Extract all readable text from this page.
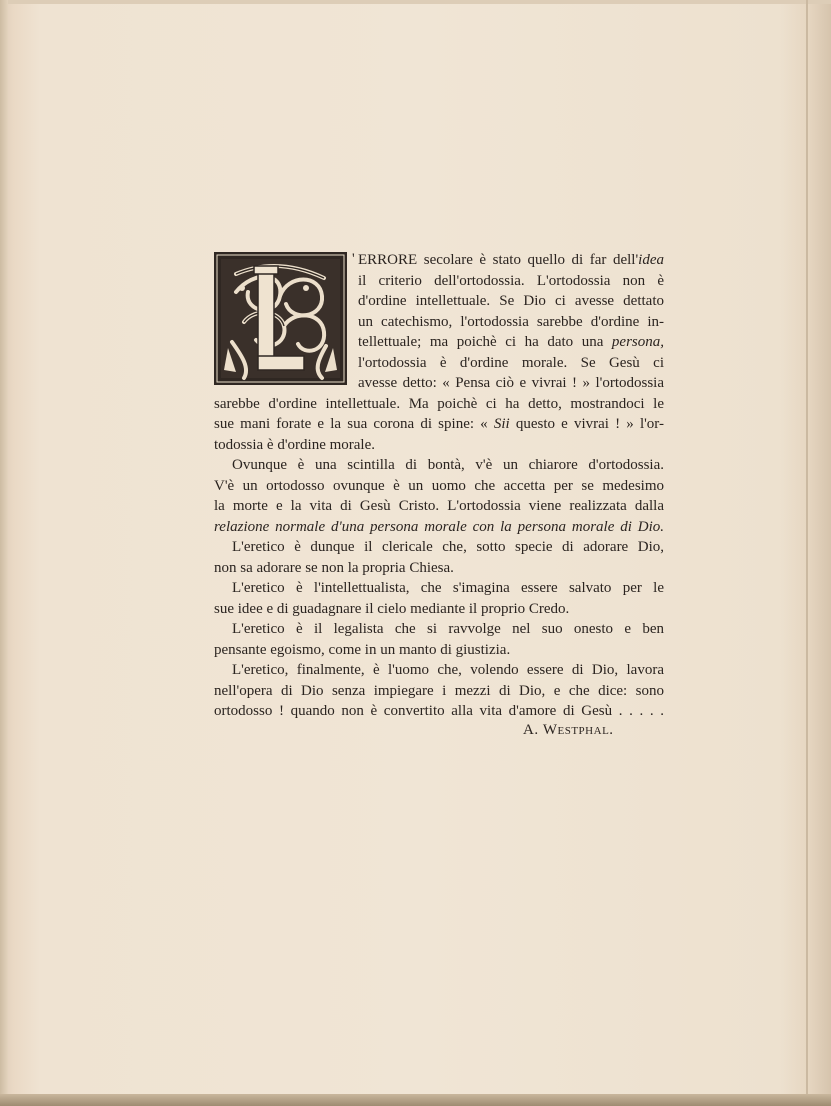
' ERRORE secolare è stato quello di far dell'idea
il criterio dell'ortodossia. L'ortodossia non è
d'ordine intellettuale. Se Dio ci avesse dettato
un catechismo, l'ortodossia sarebbe d'ordine in-
tellettuale; ma poichè ci ha dato una persona,
l'ortodossia è d'ordine morale. Se Gesù ci
avesse detto: « Pensa ciò e vivrai ! » l'ortodossia
sarebbe d'ordine intellettuale. Ma poichè ci ha detto, mostrandoci le
sue mani forate e la sua corona di spine: « Sii questo e vivrai ! » l'or-
todossia è d'ordine morale.
Ovunque è una scintilla di bontà, v'è un chiarore d'ortodossia.
V'è un ortodosso ovunque è un uomo che accetta per se medesimo
la morte e la vita di Gesù Cristo. L'ortodossia viene realizzata dalla
relazione normale d'una persona morale con la persona morale di Dio.
L'eretico è dunque il clericale che, sotto specie di adorare Dio,
non sa adorare se non la propria Chiesa.
L'eretico è l'intellettualista, che s'imagina essere salvato per le
sue idee e di guadagnare il cielo mediante il proprio Credo.
L'eretico è il legalista che si ravvolge nel suo onesto e ben
pensante egoismo, come in un manto di giustizia.
L'eretico, finalmente, è l'uomo che, volendo essere di Dio, lavora
nell'opera di Dio senza impiegare i mezzi di Dio, e che dice: sono
ortodosso ! quando non è convertito alla vita d'amore di Gesù . . . . .
A. Westphal.
